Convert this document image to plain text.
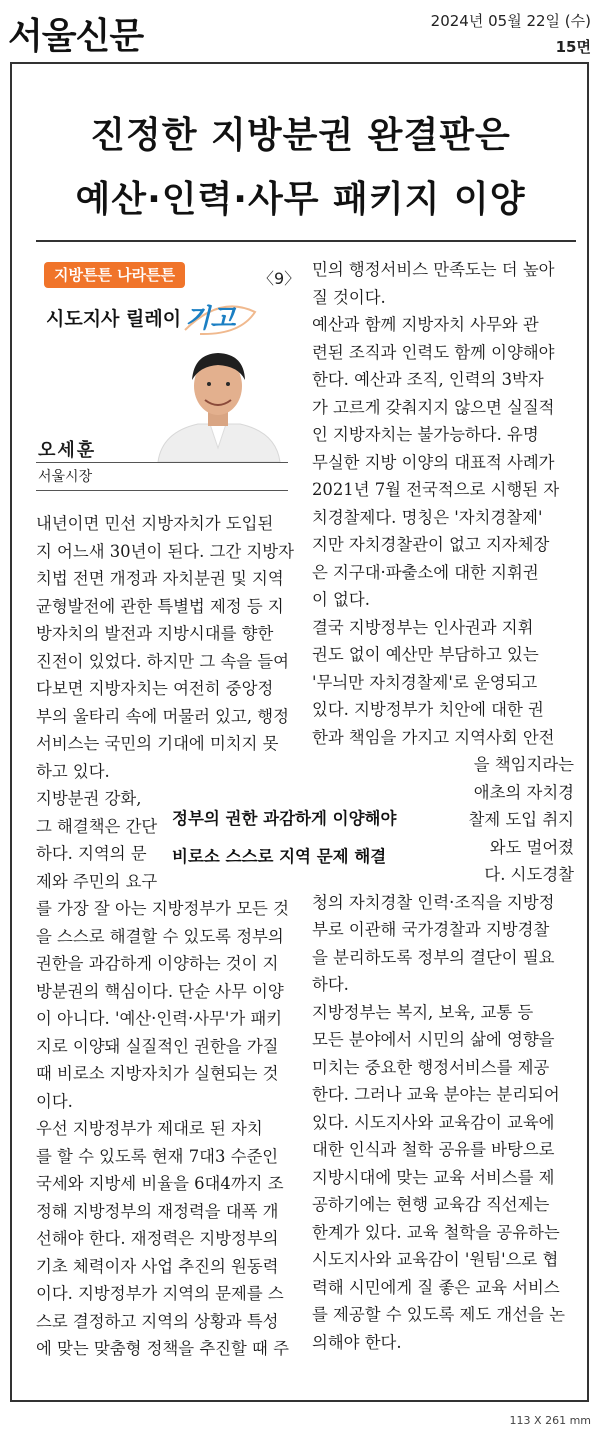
서울신문	2024년 05월 22일 (수)
15면
진정한 지방분권 완결판은
예산·인력·사무 패키지 이양
지방튼튼 나라튼튼	〈9〉
시도지사 릴레이 기고
오세훈
서울시장
내년이면 민선 지방자치가 도입된
지 어느새 30년이 된다. 그간 지방자
치법 전면 개정과 자치분권 및 지역
균형발전에 관한 특별법 제정 등 지
방자치의 발전과 지방시대를 향한
진전이 있었다. 하지만 그 속을 들여
다보면 지방자치는 여전히 중앙정
부의 울타리 속에 머물러 있고, 행정
서비스는 국민의 기대에 미치지 못
하고 있다.
지방분권 강화,
그 해결책은 간단
하다. 지역의 문
제와 주민의 요구
를 가장 잘 아는 지방정부가 모든 것
을 스스로 해결할 수 있도록 정부의
권한을 과감하게 이양하는 것이 지
방분권의 핵심이다. 단순 사무 이양
이 아니다. '예산·인력·사무'가 패키
지로 이양돼 실질적인 권한을 가질
때 비로소 지방자치가 실현되는 것
이다.
우선 지방정부가 제대로 된 자치
를 할 수 있도록 현재 7대3 수준인
국세와 지방세 비율을 6대4까지 조
정해 지방정부의 재정력을 대폭 개
선해야 한다. 재정력은 지방정부의
기초 체력이자 사업 추진의 원동력
이다. 지방정부가 지역의 문제를 스
스로 결정하고 지역의 상황과 특성
에 맞는 맞춤형 정책을 추진할 때 주
민의 행정서비스 만족도는 더 높아
질 것이다.
예산과 함께 지방자치 사무와 관
련된 조직과 인력도 함께 이양해야
한다. 예산과 조직, 인력의 3박자
가 고르게 갖춰지지 않으면 실질적
인 지방자치는 불가능하다. 유명
무실한 지방 이양의 대표적 사례가
2021년 7월 전국적으로 시행된 자
치경찰제다. 명칭은 '자치경찰제'
지만 자치경찰관이 없고 지자체장
은 지구대·파출소에 대한 지휘권
이 없다.
결국 지방정부는 인사권과 지휘
권도 없이 예산만 부담하고 있는
'무늬만 자치경찰제'로 운영되고
있다. 지방정부가 치안에 대한 권
한과 책임을 가지고 지역사회 안전
을 책임지라는
애초의 자치경
찰제 도입 취지
와도 멀어졌
다. 시도경찰
청의 자치경찰 인력·조직을 지방정
부로 이관해 국가경찰과 지방경찰
을 분리하도록 정부의 결단이 필요
하다.
지방정부는 복지, 보육, 교통 등
모든 분야에서 시민의 삶에 영향을
미치는 중요한 행정서비스를 제공
한다. 그러나 교육 분야는 분리되어
있다. 시도지사와 교육감이 교육에
대한 인식과 철학 공유를 바탕으로
지방시대에 맞는 교육 서비스를 제
공하기에는 현행 교육감 직선제는
한계가 있다. 교육 철학을 공유하는
시도지사와 교육감이 '원팀'으로 협
력해 시민에게 질 좋은 교육 서비스
를 제공할 수 있도록 제도 개선을 논
의해야 한다.
정부의 권한 과감하게 이양해야
비로소 스스로 지역 문제 해결
113 X 261 mm
